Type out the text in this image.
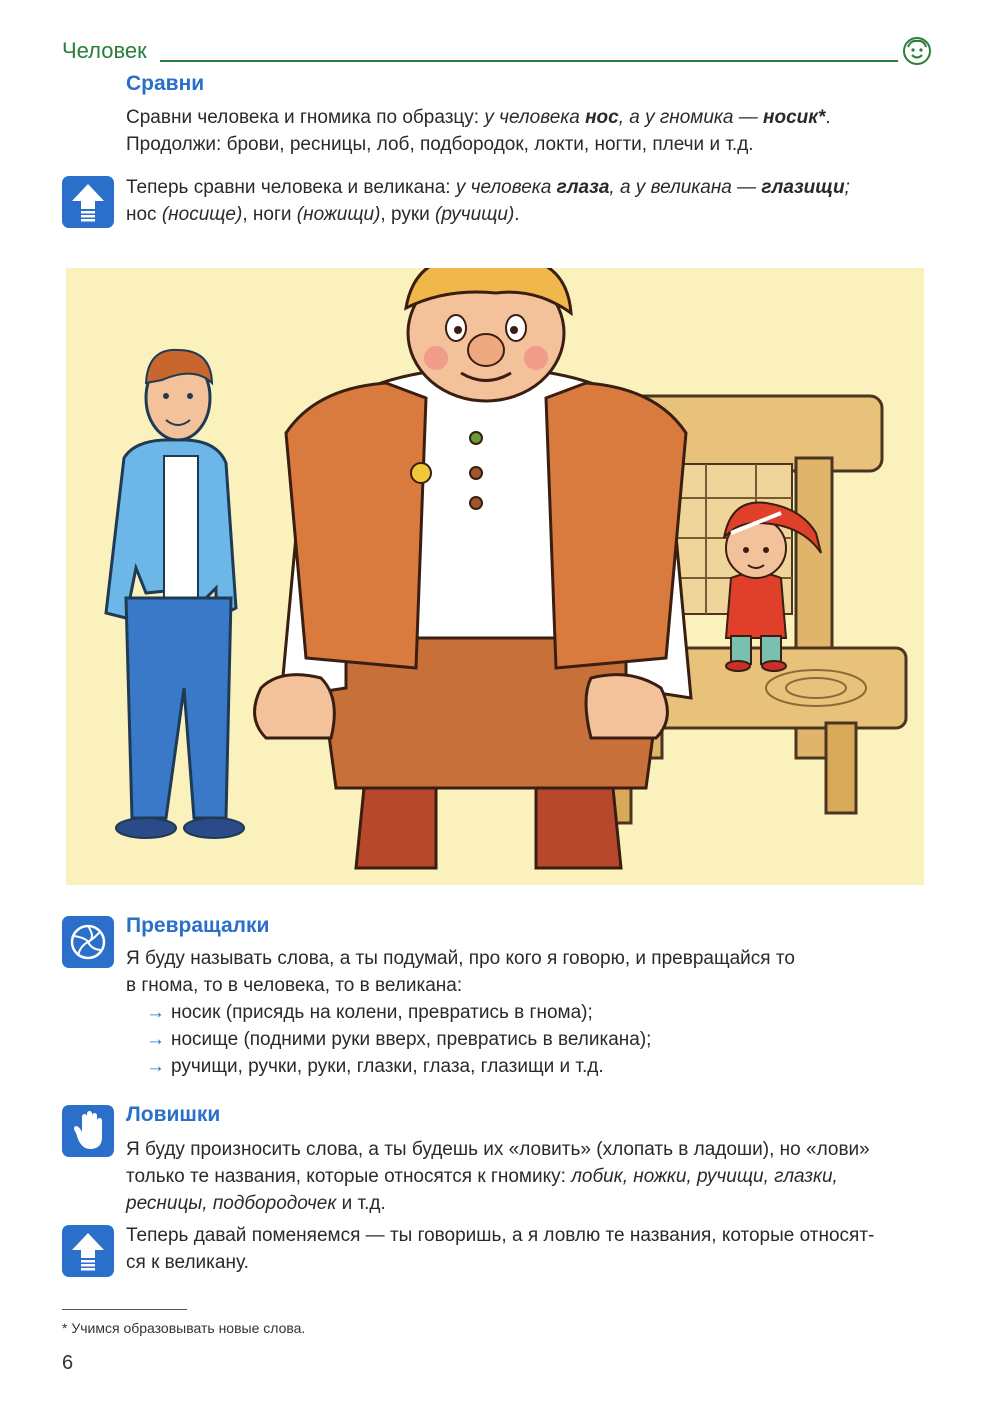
Человек
Сравни
Сравни человека и гномика по образцу: у человека нос, а у гномика — носик*.
Продолжи: брови, ресницы, лоб, подбородок, локти, ногти, плечи и т.д.
Теперь сравни человека и великана: у человека глаза, а у великана — глазищи;
нос (носище), ноги (ножищи), руки (ручищи).
Превращалки
Я буду называть слова, а ты подумай, про кого я говорю, и превращайся то
в гнома, то в человека, то в великана:
→ носик (присядь на колени, превратись в гнома);
→ носище (подними руки вверх, превратись в великана);
→ ручищи, ручки, руки, глазки, глаза, глазищи и т.д.
Ловишки
Я буду произносить слова, а ты будешь их «ловить» (хлопать в ладоши), но «лови»
только те названия, которые относятся к гномику: лобик, ножки, ручищи, глазки,
ресницы, подбородочек и т.д.
Теперь давай поменяемся — ты говоришь, а я ловлю те названия, которые относят-
ся к великану.
* Учимся образовывать новые слова.
6
